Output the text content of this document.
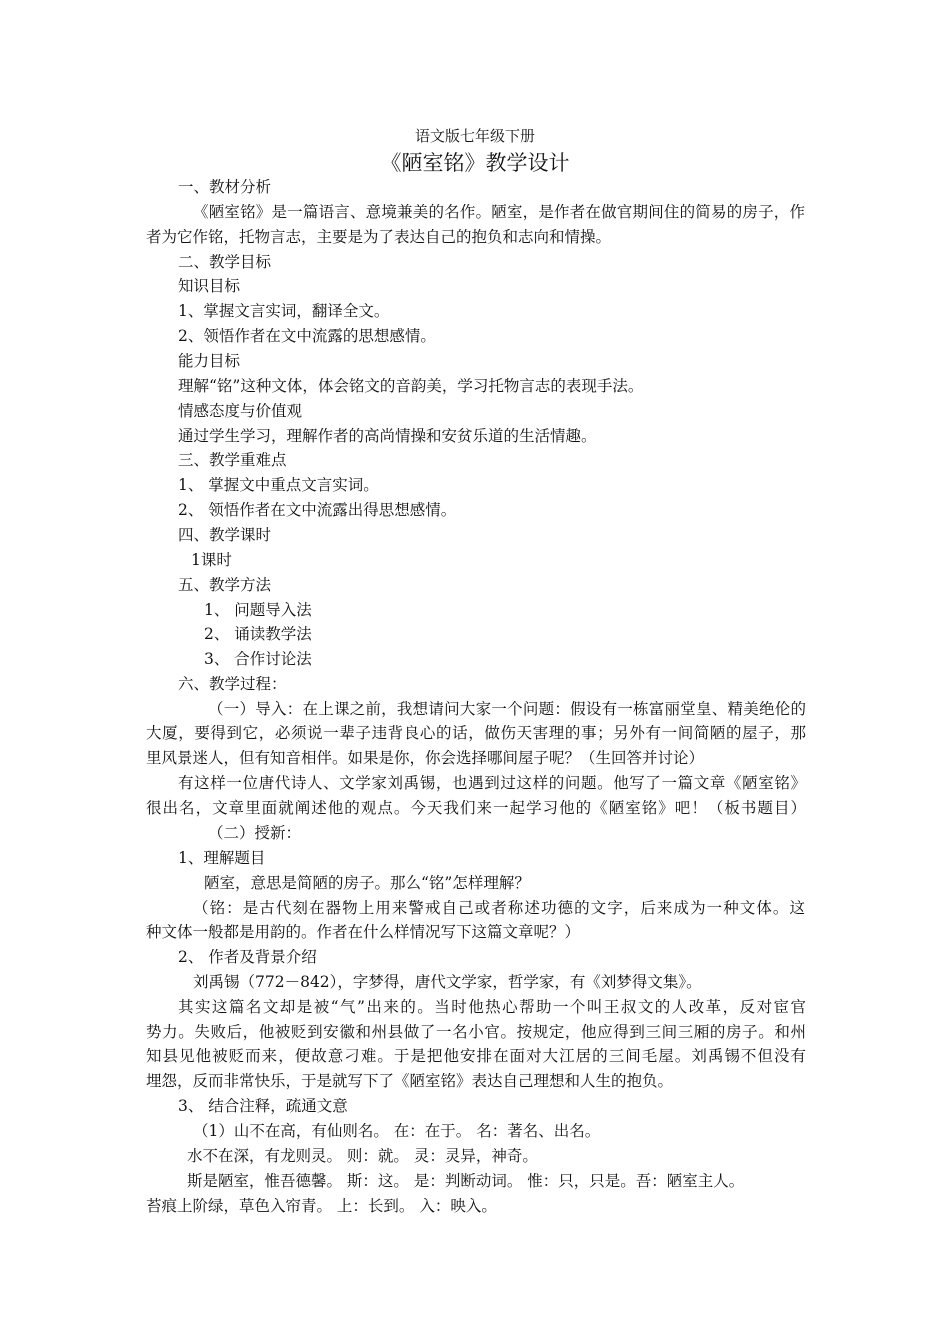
语文版七年级下册
《陋室铭》教学设计
一、教材分析
《陋室铭》是一篇语言、意境兼美的名作。陋室，是作者在做官期间住的简易的房子，作
者为它作铭，托物言志，主要是为了表达自己的抱负和志向和情操。
二、教学目标
知识目标
1、掌握文言实词，翻译全文。
2、领悟作者在文中流露的思想感情。
能力目标
理解“铭”这种文体，体会铭文的音韵美，学习托物言志的表现手法。
情感态度与价值观
通过学生学习，理解作者的高尚情操和安贫乐道的生活情趣。
三、教学重难点
1、 掌握文中重点文言实词。
2、 领悟作者在文中流露出得思想感情。
四、教学课时
1课时
五、教学方法
1、 问题导入法
2、 诵读教学法
3、 合作讨论法
六、教学过程：
（一）导入：在上课之前，我想请问大家一个问题：假设有一栋富丽堂皇、精美绝伦的
大厦，要得到它，必须说一辈子违背良心的话，做伤天害理的事；另外有一间简陋的屋子，那
里风景迷人，但有知音相伴。如果是你，你会选择哪间屋子呢？（生回答并讨论）
有这样一位唐代诗人、文学家刘禹锡，也遇到过这样的问题。他写了一篇文章《陋室铭》
很出名，文章里面就阐述他的观点。今天我们来一起学习他的《陋室铭》吧！（板书题目）
（二）授新：
1、理解题目
陋室，意思是简陋的房子。那么“铭”怎样理解？
（铭：是古代刻在器物上用来警戒自己或者称述功德的文字，后来成为一种文体。这
种文体一般都是用韵的。作者在什么样情况写下这篇文章呢？）
2、 作者及背景介绍
刘禹锡（772－842），字梦得，唐代文学家，哲学家，有《刘梦得文集》。
其实这篇名文却是被“气”出来的。当时他热心帮助一个叫王叔文的人改革，反对宦官
势力。失败后，他被贬到安徽和州县做了一名小官。按规定，他应得到三间三厢的房子。和州
知县见他被贬而来，便故意刁难。于是把他安排在面对大江居的三间毛屋。刘禹锡不但没有
埋怨，反而非常快乐，于是就写下了《陋室铭》表达自己理想和人生的抱负。
3、 结合注释，疏通文意
（1）山不在高，有仙则名。 在：在于。 名：著名、出名。
水不在深，有龙则灵。 则：就。 灵：灵异，神奇。
斯是陋室，惟吾德馨。 斯：这。 是：判断动词。 惟：只，只是。吾：陋室主人。
苔痕上阶绿，草色入帘青。 上：长到。 入：映入。
